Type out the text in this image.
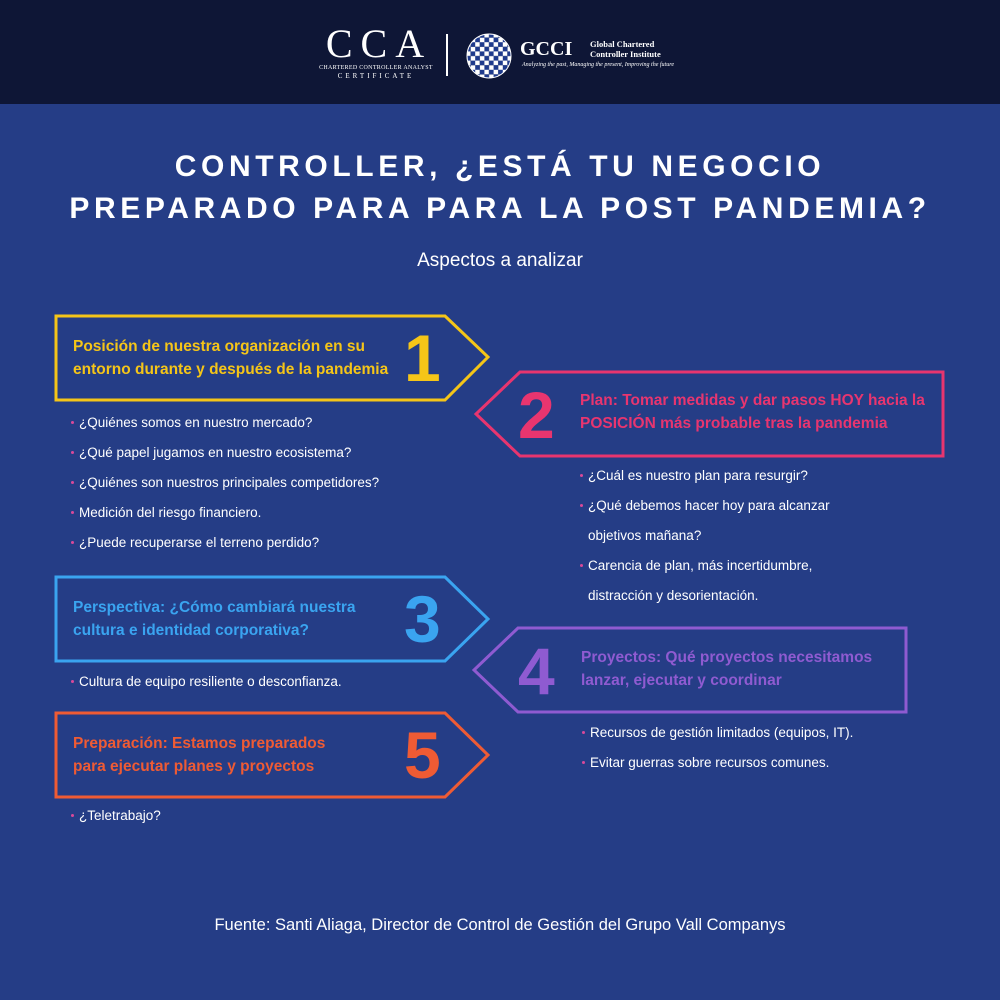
CCA
CHARTERED CONTROLLER ANALYST
CERTIFICATE
GCCI Global Chartered
Controller Institute
Analyzing the past, Managing the present, Improving the future
CONTROLLER, ¿ESTÁ TU NEGOCIO
PREPARADO PARA PARA LA POST PANDEMIA?
Aspectos a analizar
Posición de nuestra organización en su
entorno durante y después de la pandemia 1
¿Quiénes somos en nuestro mercado?
¿Qué papel jugamos en nuestro ecosistema?
¿Quiénes son nuestros principales competidores?
Medición del riesgo financiero.
¿Puede recuperarse el terreno perdido?
2 Plan: Tomar medidas y dar pasos HOY hacia la
POSICIÓN más probable tras la pandemia
¿Cuál es nuestro plan para resurgir?
¿Qué debemos hacer hoy para alcanzar objetivos mañana?
Carencia de plan, más incertidumbre, distracción y desorientación.
Perspectiva: ¿Cómo cambiará nuestra
cultura e identidad corporativa?	3
Cultura de equipo resiliente o desconfianza.	4 Proyectos: Qué proyectos necesitamos
lanzar, ejecutar y coordinar
Recursos de gestión limitados (equipos, IT).
Evitar guerras sobre recursos comunes.
Preparación: Estamos preparados
para ejecutar planes y proyectos 5
¿Teletrabajo?
Fuente: Santi Aliaga, Director de Control de Gestión del Grupo Vall Companys
